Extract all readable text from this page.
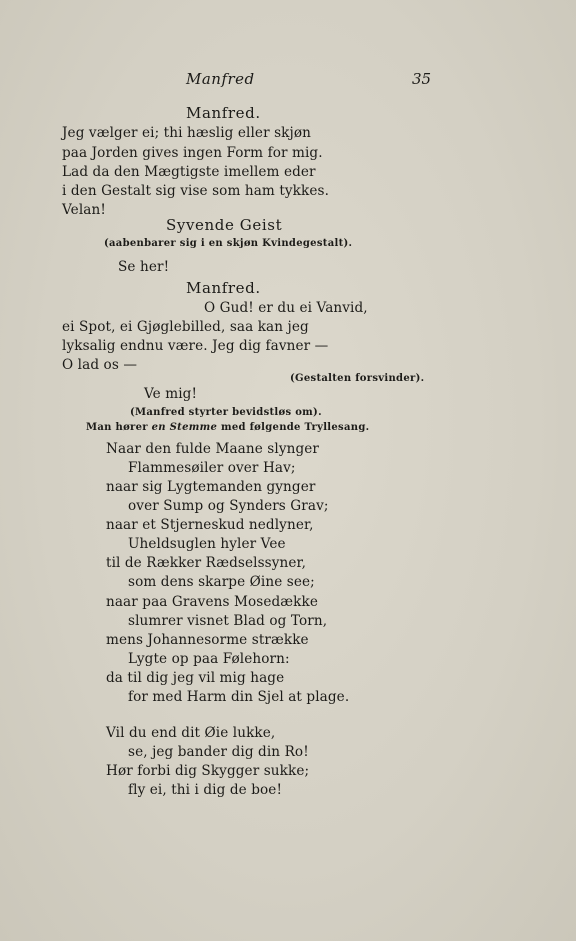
Manfred	35
Manfred.
Jeg vælger ei; thi hæslig eller skjøn
paa Jorden gives ingen Form for mig.
Lad da den Mægtigste imellem eder
i den Gestalt sig vise som ham tykkes.
Velan!
Syvende Geist
(aabenbarer sig i en skjøn Kvindegestalt).
Se her!
Manfred.
O Gud! er du ei Vanvid,
ei Spot, ei Gjøglebilled, saa kan jeg
lyksalig endnu være. Jeg dig favner —
O lad os —
(Gestalten forsvinder).
Ve mig!
(Manfred styrter bevidstløs om).
Man hører en Stemme med følgende Tryllesang.
Naar den fulde Maane slynger
Flammesøiler over Hav;
naar sig Lygtemanden gynger
over Sump og Synders Grav;
naar et Stjerneskud nedlyner,
Uheldsuglen hyler Vee
til de Rækker Rædselssyner,
som dens skarpe Øine see;
naar paa Gravens Mosedække
slumrer visnet Blad og Torn,
mens Johannesorme strække
Lygte op paa Følehorn:
da til dig jeg vil mig hage
for med Harm din Sjel at plage.
Vil du end dit Øie lukke,
se, jeg bander dig din Ro!
Hør forbi dig Skygger sukke;
fly ei, thi i dig de boe!
